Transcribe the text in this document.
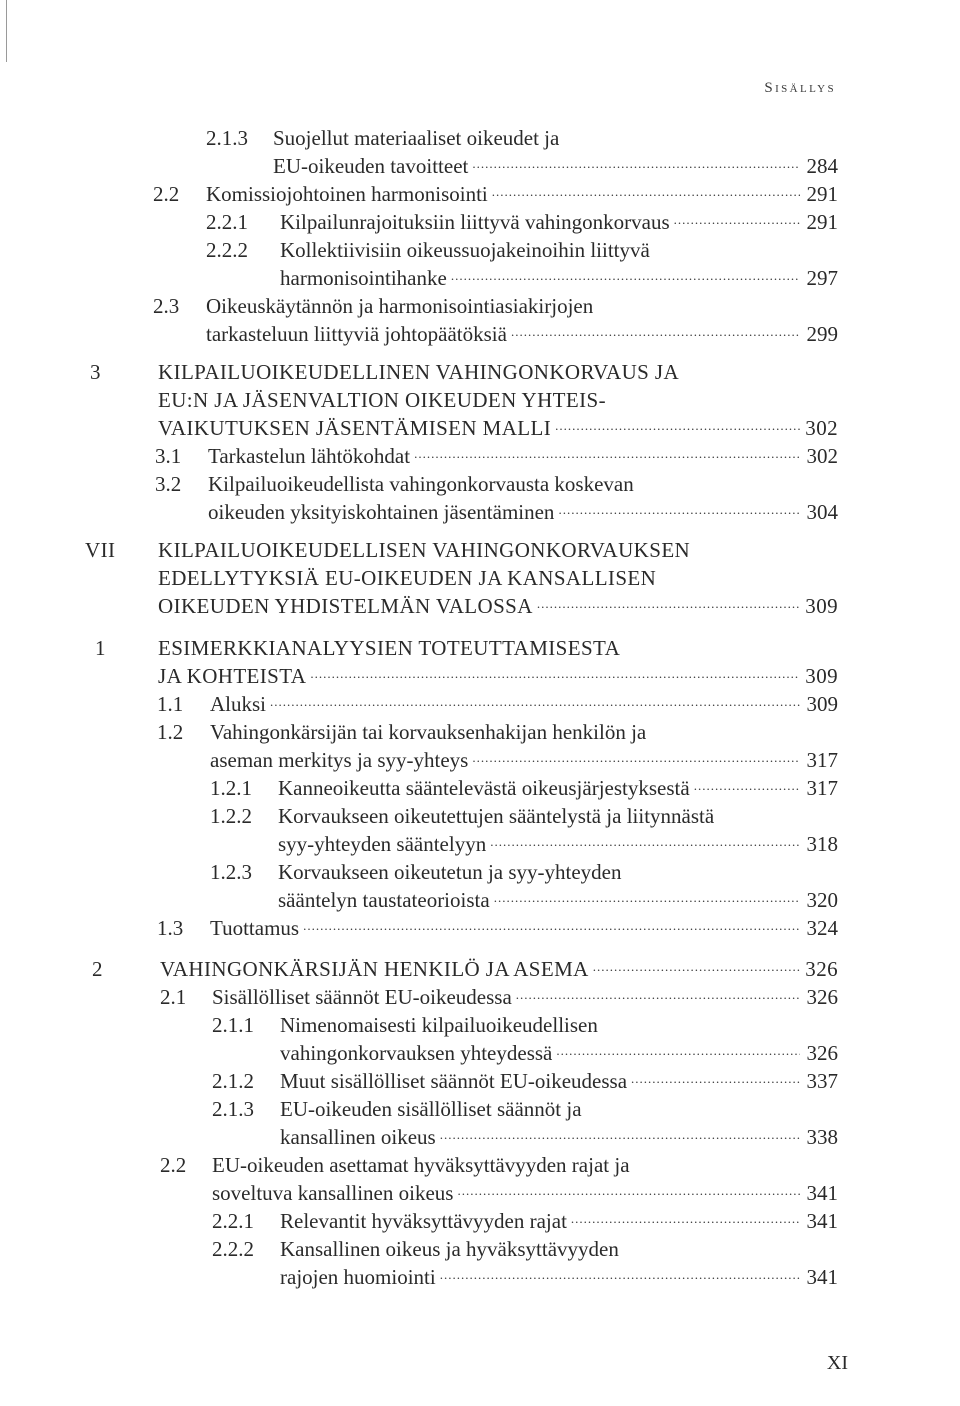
Sisällys
2.1.3 Suojellut materiaaliset oikeudet ja
EU-oikeuden tavoitteet .....	284
2.2 Komissiojohtoinen harmonisointi .....	291
2.2.1 Kilpailunrajoituksiin liittyvä vahingonkorvaus .....	291
2.2.2 Kollektiivisiin oikeussuojakeinoihin liittyvä
harmonisointihanke .....	297
2.3 Oikeuskäytännön ja harmonisointiasiakirjojen
tarkasteluun liittyviä johtopäätöksiä .....	299
3	KILPAILUOIKEUDELLINEN VAHINGONKORVAUS JA
EU:N JA JÄSENVALTION OIKEUDEN YHTEIS-
VAIKUTUKSEN JÄSENTÄMISEN MALLI .....	302
3.1 Tarkastelun lähtökohdat .....	302
3.2 Kilpailuoikeudellista vahingonkorvausta koskevan
oikeuden yksityiskohtainen jäsentäminen .....	304
VII KILPAILUOIKEUDELLISEN VAHINGONKORVAUKSEN
EDELLYTYKSIÄ EU-OIKEUDEN JA KANSALLISEN
OIKEUDEN YHDISTELMÄN VALOSSA .....	309
1 ESIMERKKIANALYYSIEN TOTEUTTAMISESTA
JA KOHTEISTA .....	309
1.1 Aluksi .....	309
1.2 Vahingonkärsijän tai korvauksenhakijan henkilön ja
aseman merkitys ja syy-yhteys .....	317
1.2.1 Kanneoikeutta sääntelevästä oikeusjärjestyksestä .....	317
1.2.2 Korvaukseen oikeutettujen sääntelystä ja liitynnästä
syy-yhteyden sääntelyyn .....	318
1.2.3 Korvaukseen oikeutetun ja syy-yhteyden
sääntelyn taustateorioista .....	320
1.3 Tuottamus .....	324
2	VAHINGONKÄRSIJÄN HENKILÖ JA ASEMA .....	326
2.1 Sisällölliset säännöt EU-oikeudessa .....	326
2.1.1 Nimenomaisesti kilpailuoikeudellisen
vahingonkorvauksen yhteydessä .....	326
2.1.2 Muut sisällölliset säännöt EU-oikeudessa .....	337
2.1.3 EU-oikeuden sisällölliset säännöt ja
kansallinen oikeus .....	338
2.2 EU-oikeuden asettamat hyväksyttävyyden rajat ja
soveltuva kansallinen oikeus .....	341
2.2.1 Relevantit hyväksyttävyyden rajat .....	341
2.2.2 Kansallinen oikeus ja hyväksyttävyyden
rajojen huomiointi .....	341
XI
